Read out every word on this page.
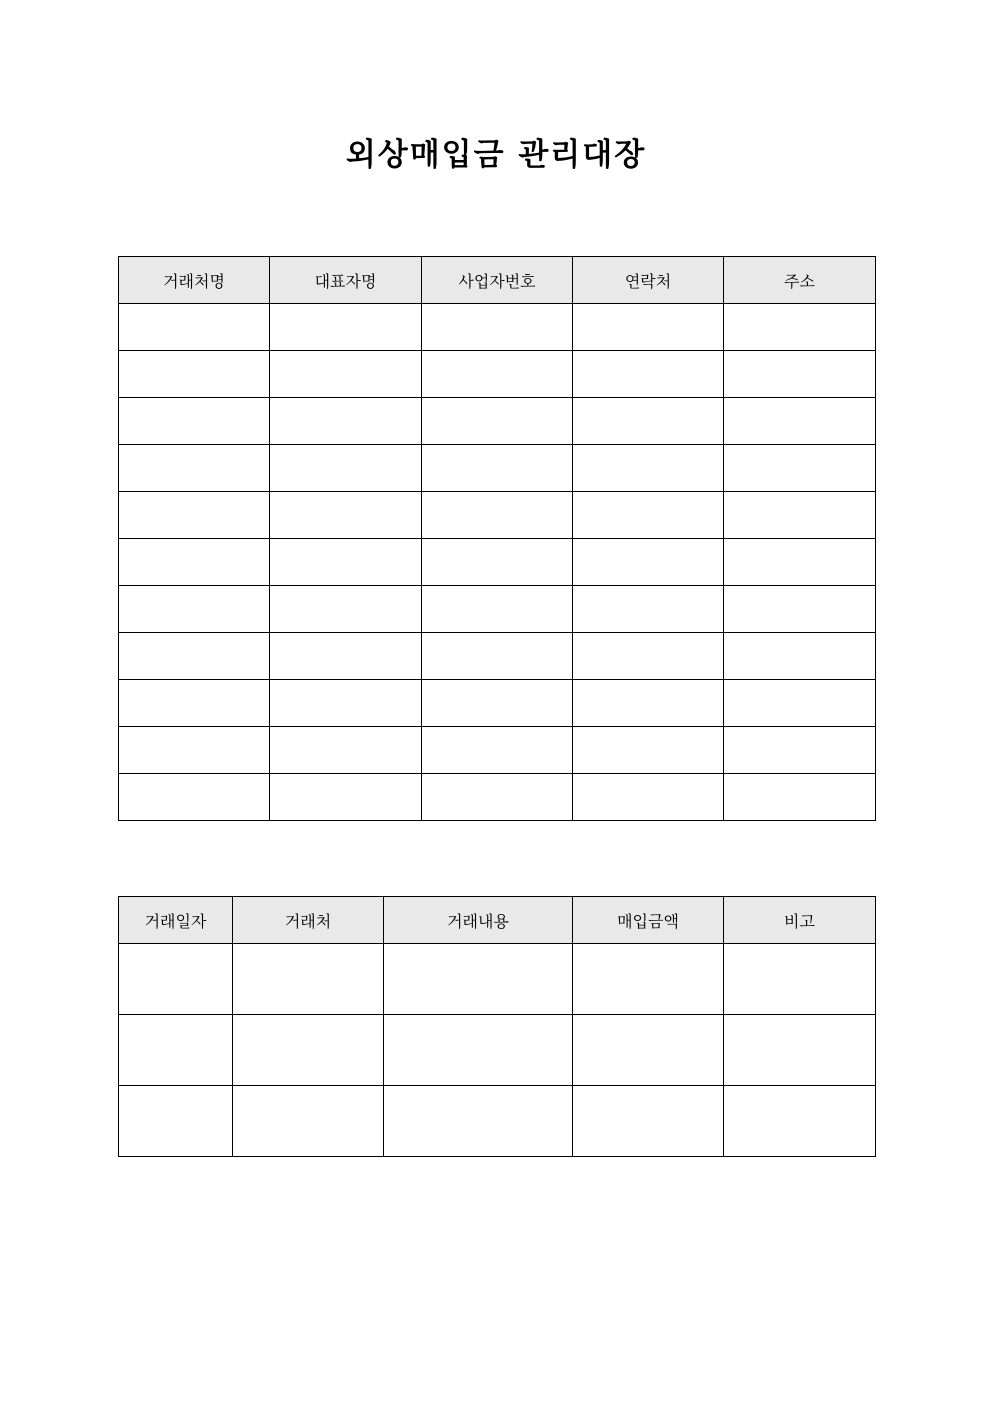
외상매입금 관리대장
거래처명	대표자명	사업자번호	연락처	주소

거래일자	거래처	거래내용	매입금액	비고
